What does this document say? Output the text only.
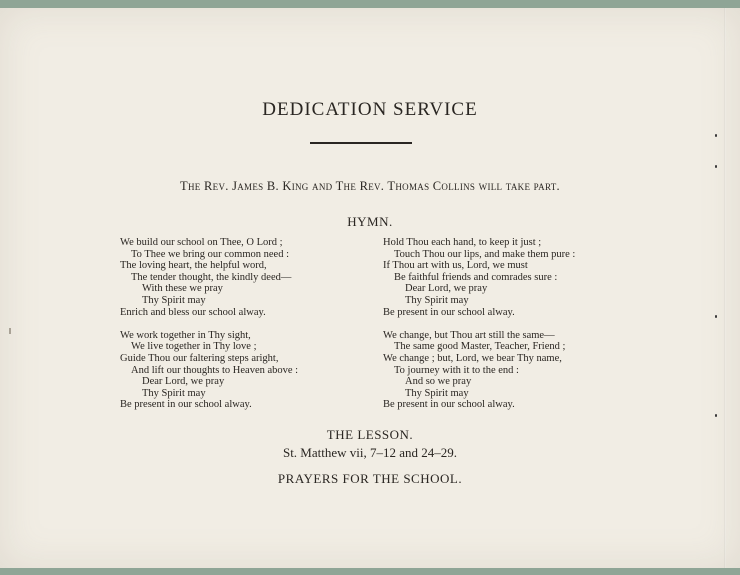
DEDICATION SERVICE
The Rev. James B. King and The Rev. Thomas Collins will take part.
HYMN.
We build our school on Thee, O Lord ;
To Thee we bring our common need :
The loving heart, the helpful word,
The tender thought, the kindly deed—
With these we pray
Thy Spirit may
Enrich and bless our school alway.
We work together in Thy sight,
We live together in Thy love ;
Guide Thou our faltering steps aright,
And lift our thoughts to Heaven above :
Dear Lord, we pray
Thy Spirit may
Be present in our school alway.
Hold Thou each hand, to keep it just ;
Touch Thou our lips, and make them pure :
If Thou art with us, Lord, we must
Be faithful friends and comrades sure :
Dear Lord, we pray
Thy Spirit may
Be present in our school alway.
We change, but Thou art still the same—
The same good Master, Teacher, Friend ;
We change ; but, Lord, we bear Thy name,
To journey with it to the end :
And so we pray
Thy Spirit may
Be present in our school alway.
THE LESSON.
St. Matthew vii, 7–12 and 24–29.
PRAYERS FOR THE SCHOOL.
